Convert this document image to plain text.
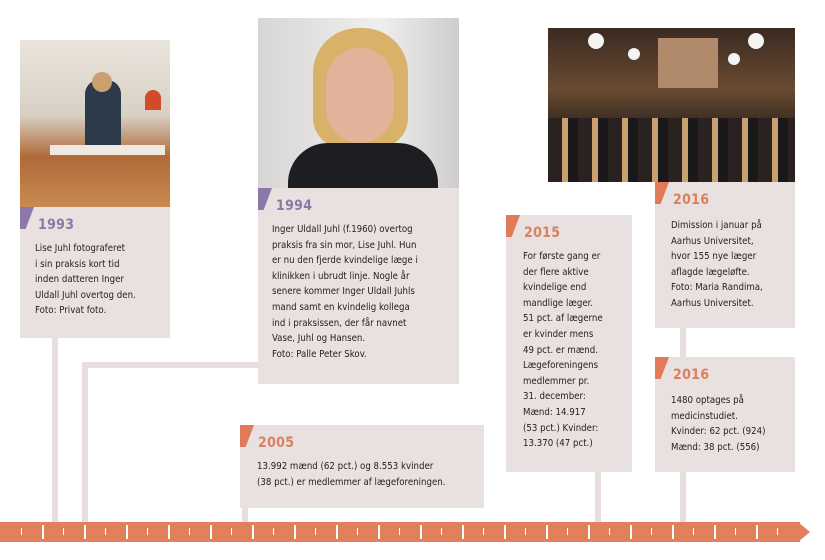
1993
Lise Juhl fotograferet
i sin praksis kort tid
inden datteren Inger
Uldall Juhl overtog den.
Foto: Privat foto.
1994
Inger Uldall Juhl (f.1960) overtog
praksis fra sin mor, Lise Juhl. Hun
er nu den fjerde kvindelige læge i
klinikken i ubrudt linje. Nogle år
senere kommer Inger Uldall Juhls
mand samt en kvindelig kollega
ind i praksissen, der får navnet
Vase, Juhl og Hansen.
Foto: Palle Peter Skov.
2005
13.992 mænd (62 pct.) og 8.553 kvinder
(38 pct.) er medlemmer af lægeforeningen.
2015
For første gang er
der flere aktive
kvindelige end
mandlige læger.
51 pct. af lægerne
er kvinder mens
49 pct. er mænd.
Lægeforeningens
medlemmer pr.
31. december:
Mænd: 14.917
(53 pct.) Kvinder:
13.370 (47 pct.)
2016
Dimission i januar på
Aarhus Universitet,
hvor 155 nye læger
aflagde lægeløfte.
Foto: Maria Randima,
Aarhus Universitet.
2016
1480 optages på
medicinstudiet.
Kvinder: 62 pct. (924)
Mænd: 38 pct. (556)
